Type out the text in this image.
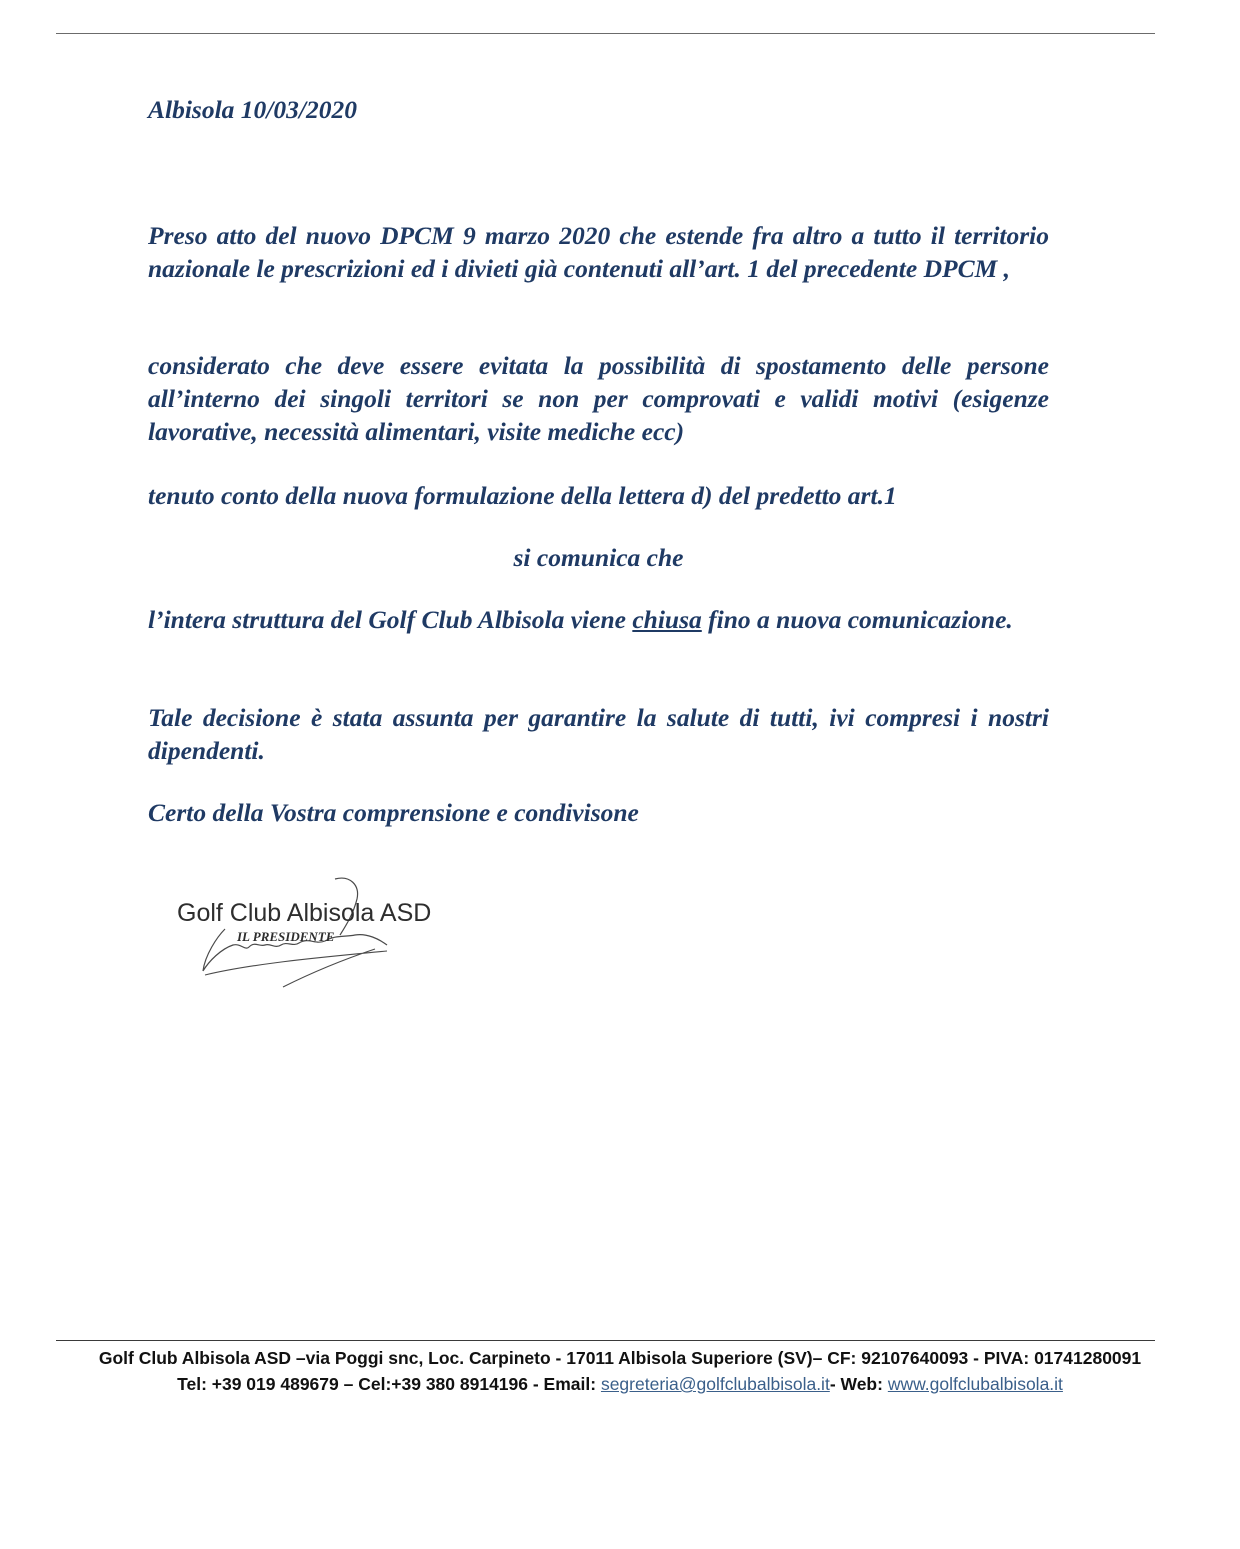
Albisola 10/03/2020
Preso atto del nuovo DPCM 9 marzo 2020 che estende fra altro a tutto il territorio nazionale le prescrizioni ed i divieti già contenuti all’art. 1 del precedente DPCM ,
considerato che deve essere evitata la possibilità di spostamento delle persone all’interno dei singoli territori se non per comprovati e validi motivi (esigenze lavorative, necessità alimentari, visite mediche ecc)
tenuto conto della nuova formulazione della lettera d) del predetto art.1
si comunica che
l’intera struttura del Golf Club Albisola viene chiusa fino a nuova comunicazione.
Tale decisione è stata assunta per garantire la salute di tutti, ivi compresi i nostri dipendenti.
Certo della Vostra comprensione e condivisone
Golf Club Albisola ASD
IL PRESIDENTE
Golf Club Albisola ASD –via Poggi snc, Loc. Carpineto - 17011 Albisola Superiore (SV)– CF: 92107640093 - PIVA: 01741280091
Tel: +39 019 489679 – Cel:+39 380 8914196 - Email: segreteria@golfclubalbisola.it- Web: www.golfclubalbisola.it
